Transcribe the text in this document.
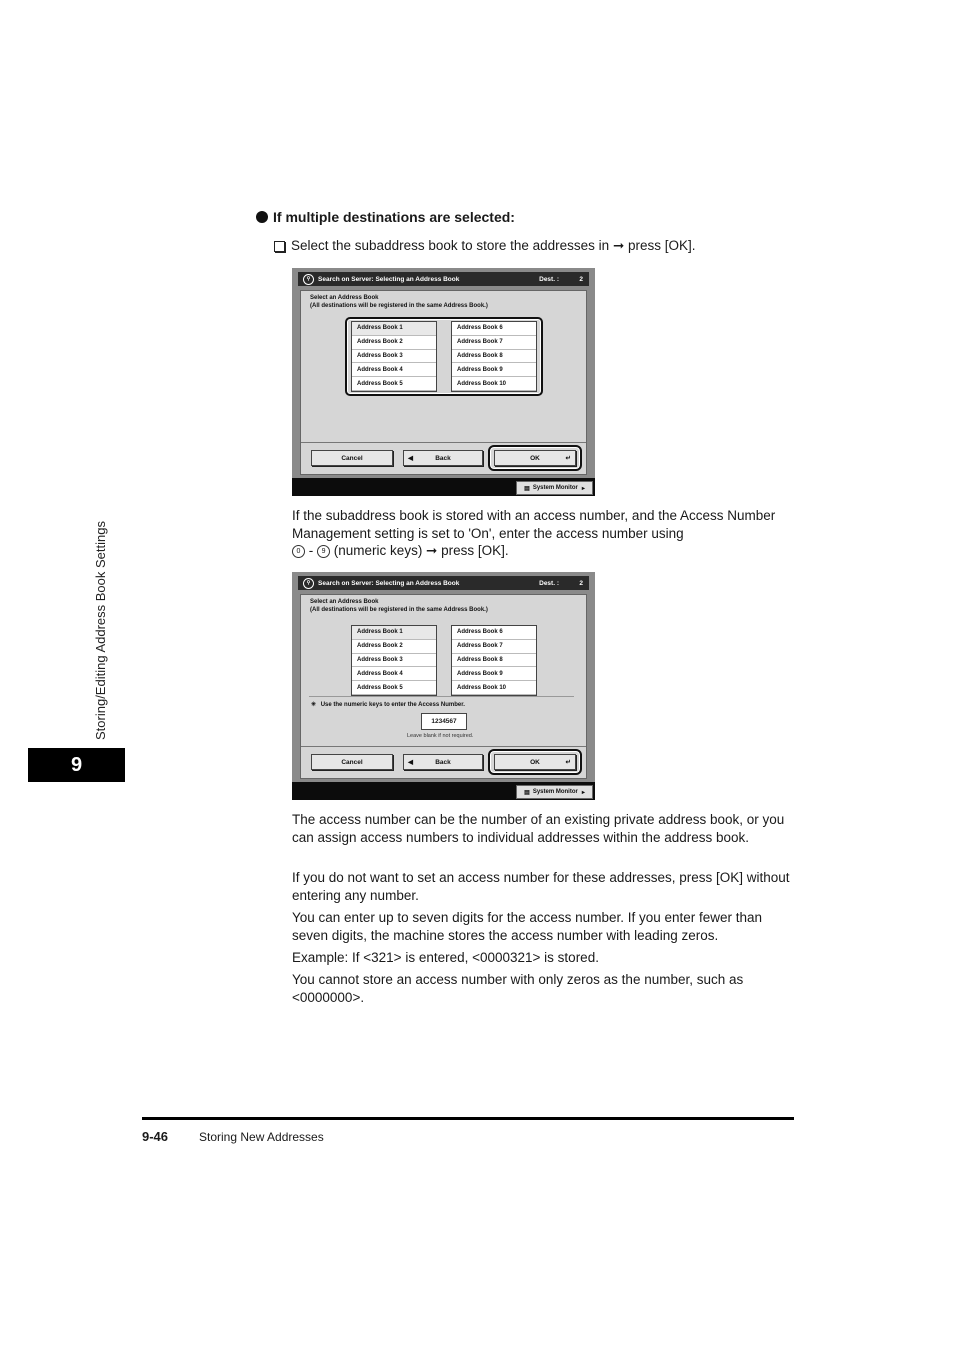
Storing/Editing Address Book Settings
9
If multiple destinations are selected:
Select the subaddress book to store the addresses in ➞ press [OK].
⚲	Search on Server: Selecting an Address Book	Dest. :	2
Select an Address Book
(All destinations will be registered in the same Address Book.)
Address Book 1
Address Book 2
Address Book 3
Address Book 4
Address Book 5
Address Book 6
Address Book 7
Address Book 8
Address Book 9
Address Book 10
Cancel	◀	Back	OK	↵
▤ System Monitor ▸
If the subaddress book is stored with an access number, and the Access Number Management setting is set to 'On', enter the access number using
0 - 9 (numeric keys) ➞ press [OK].
⚲	Search on Server: Selecting an Address Book	Dest. :	2
Select an Address Book
(All destinations will be registered in the same Address Book.)
Address Book 1
Address Book 2
Address Book 3
Address Book 4
Address Book 5
Address Book 6
Address Book 7
Address Book 8
Address Book 9
Address Book 10
✳ Use the numeric keys to enter the Access Number.
1234567
Leave blank if not required.
Cancel	◀	Back	OK	↵
▤ System Monitor ▸
The access number can be the number of an existing private address book, or you can assign access numbers to individual addresses within the address book.
If you do not want to set an access number for these addresses, press [OK] without entering any number.
You can enter up to seven digits for the access number. If you enter fewer than seven digits, the machine stores the access number with leading zeros.
Example: If <321> is entered, <0000321> is stored.
You cannot store an access number with only zeros as the number, such as <0000000>.
9-46	Storing New Addresses
